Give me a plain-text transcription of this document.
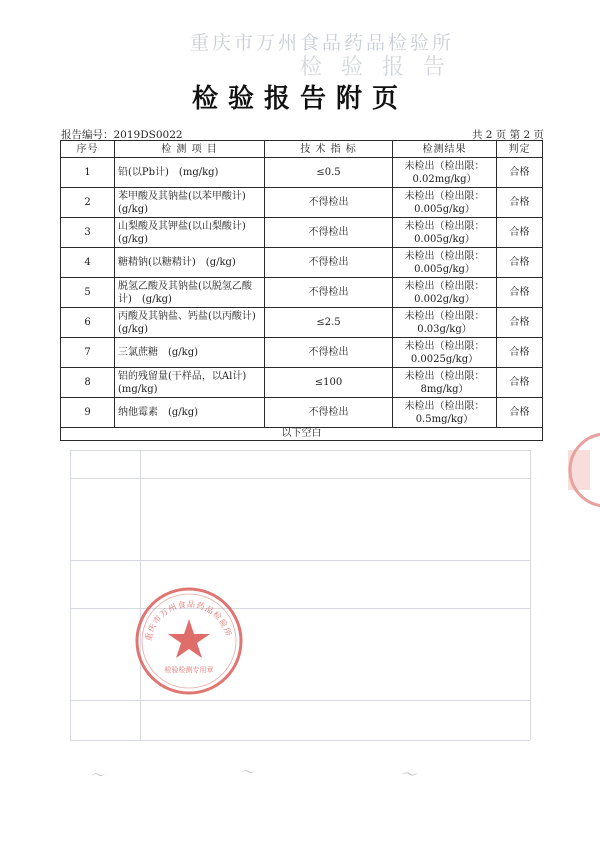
重庆市万州食品药品检验所
检 验 报 告
检验报告附页
报告编号：2019DS0022	共 2 页 第 2 页
序号	检 测 项 目	技 术 指 标	检测结果	判定
1	铅(以Pb计)　(mg/kg)	≤0.5	未检出（检出限：0.02mg/kg）	合格
2	苯甲酸及其钠盐(以苯甲酸计)　(g/kg)	不得检出	未检出（检出限：0.005g/kg）	合格
3	山梨酸及其钾盐(以山梨酸计)　(g/kg)	不得检出	未检出（检出限：0.005g/kg）	合格
4	糖精钠(以糖精计)　(g/kg)	不得检出	未检出（检出限：0.005g/kg）	合格
5	脱氢乙酸及其钠盐(以脱氢乙酸计)　(g/kg)	不得检出	未检出（检出限：0.002g/kg）	合格
6	丙酸及其钠盐、钙盐(以丙酸计)　(g/kg)	≤2.5	未检出（检出限：0.03g/kg）	合格
7	三氯蔗糖　(g/kg)	不得检出	未检出（检出限：0.0025g/kg）	合格
8	铝的残留量(干样品，以Al计)　(mg/kg)	≤100	未检出（检出限：8mg/kg）	合格
9	纳他霉素　(g/kg)	不得检出	未检出（检出限：0.5mg/kg）	合格
以下空白				
重庆市万州食品药品检验所
检验检测专用章
〜	〜	〜
